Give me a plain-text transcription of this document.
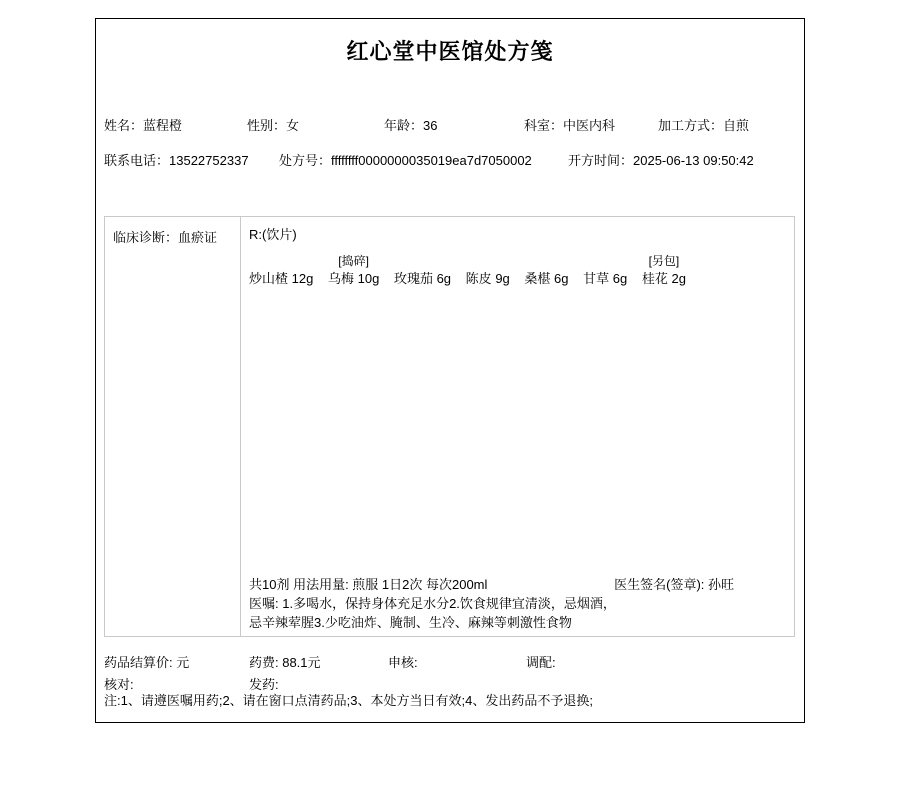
红心堂中医馆处方笺
姓名：蓝程橙	性别：女	年龄：36	科室：中医内科	加工方式：自煎
联系电话：13522752337 处方号：ffffffff0000000035019ea7d7050002	开方时间：2025-06-13 09:50:42
临床诊断：血瘀证	R:(饮片)
炒山楂 12g

[捣碎]
乌梅 10g
玫瑰茄 6g
陈皮 9g
桑椹 6g
甘草 6g

[另包]
桂花 2g
共10剂 用法用量: 煎服 1日2次 每次200ml	医生签名(签章): 孙旺
医嘱: 1.多喝水，保持身体充足水分2.饮食规律宜清淡，忌烟酒，
忌辛辣荤腥3.少吃油炸、腌制、生冷、麻辣等刺激性食物
药品结算价: 元	药费: 88.1元	申核:	调配:
核对:	发药:
注:1、请遵医嘱用药;2、请在窗口点清药品;3、本处方当日有效;4、发出药品不予退换;
